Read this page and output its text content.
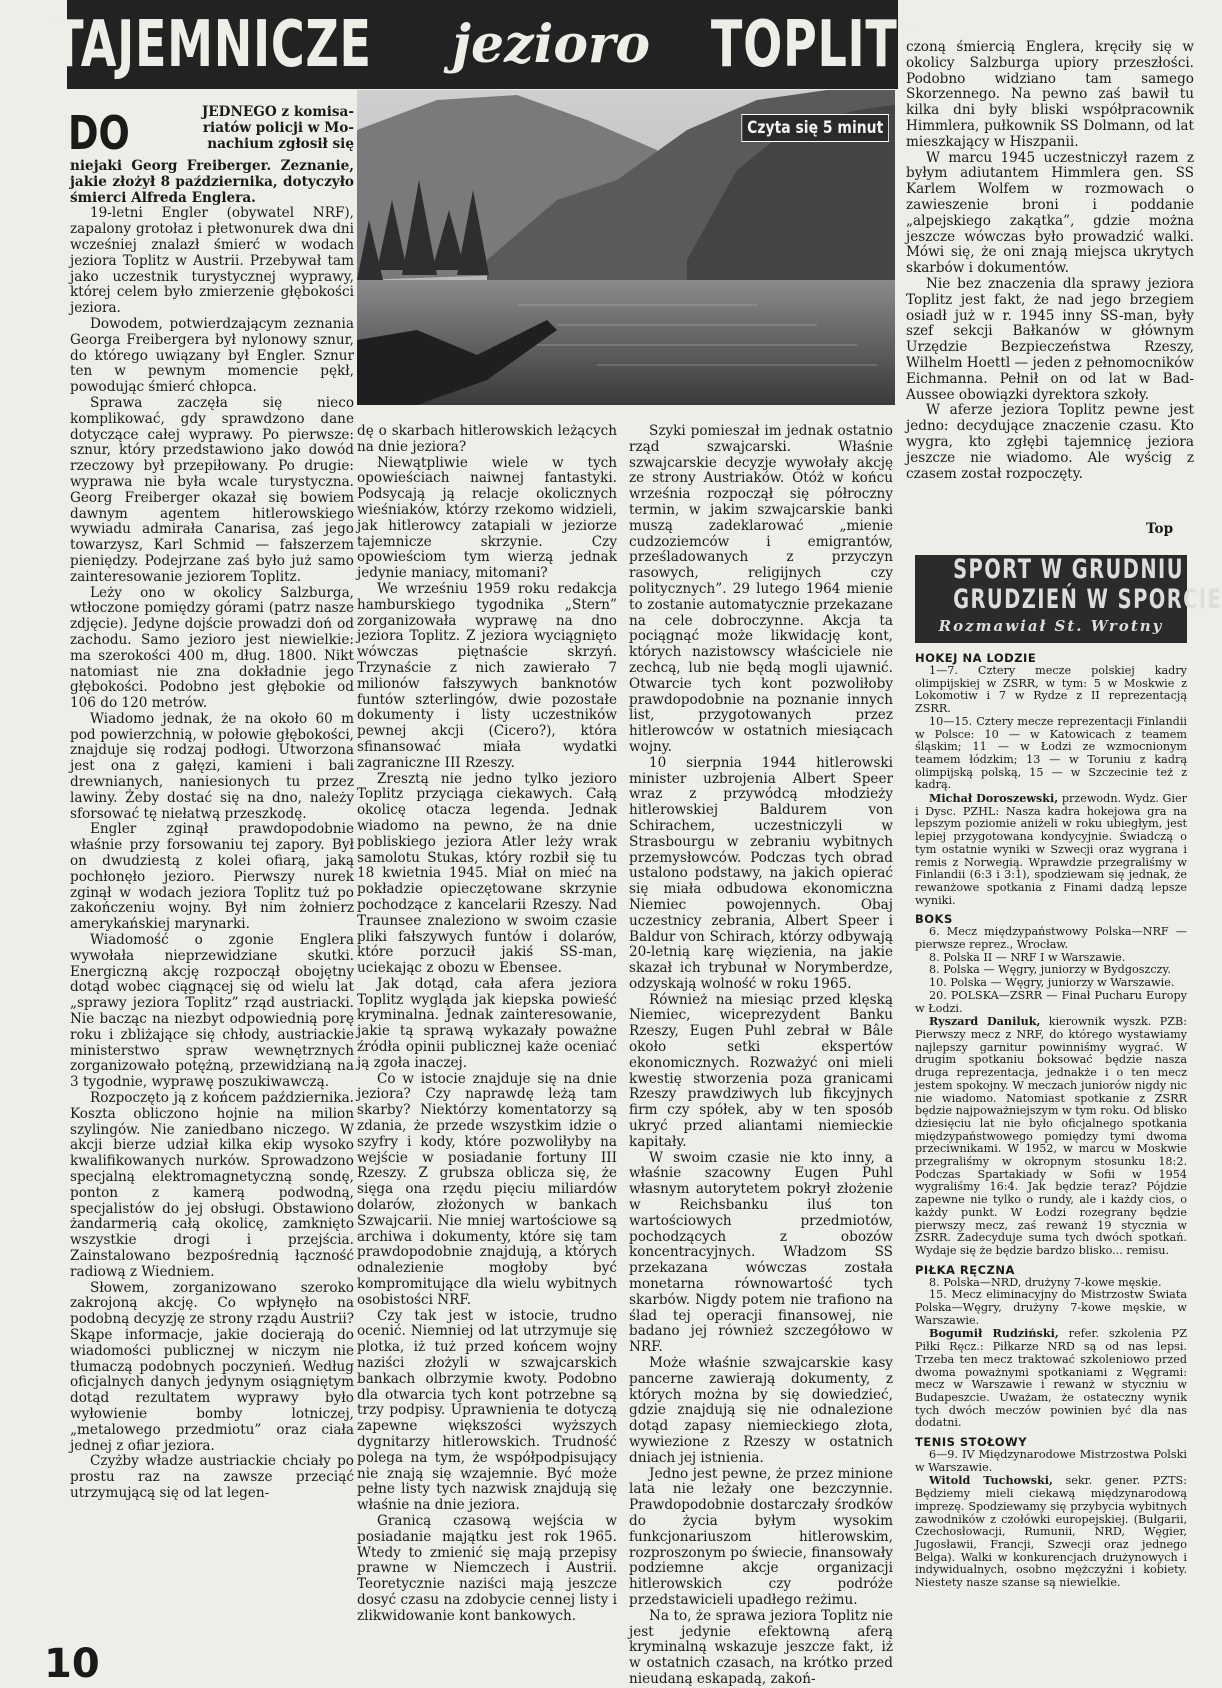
TAJEMNICZE jezioro TOPLITZ
Czyta się 5 minut
DO	JEDNEGO z komisa-

riatów policji w Mo-

nachium zgłosił się

niejaki Georg Freiberger. Zeznanie, jakie złożył 8 października, dotyczyło śmierci Alfreda Englera.

19-letni Engler (obywatel NRF), zapalony grotołaz i płetwonurek dwa dni wcześniej znalazł śmierć w wodach jeziora Toplitz w Austrii. Przebywał tam jako uczestnik turystycznej wyprawy, której celem było zmierzenie głębokości jeziora.

Dowodem, potwierdzającym zeznania Georga Freibergera był nylonowy sznur, do którego uwiązany był Engler. Sznur ten w pewnym momencie pękł, powodując śmierć chłopca.

Sprawa zaczęła się nieco komplikować, gdy sprawdzono dane dotyczące całej wyprawy. Po pierwsze: sznur, który przedstawiono jako dowód rzeczowy był przepiłowany. Po drugie: wyprawa nie była wcale turystyczna. Georg Freiberger okazał się bowiem dawnym agentem hitlerowskiego wywiadu admirała Canarisa, zaś jego towarzysz, Karl Schmid — fałszerzem pieniędzy. Podejrzane zaś było już samo zainteresowanie jeziorem Toplitz.

Leży ono w okolicy Salzburga, wtłoczone pomiędzy górami (patrz nasze zdjęcie). Jedyne dojście prowadzi doń od zachodu. Samo jezioro jest niewielkie: ma szerokości 400 m, dług. 1800. Nikt natomiast nie zna dokładnie jego głębokości. Podobno jest głębokie od 106 do 120 metrów.

Wiadomo jednak, że na około 60 m pod powierzchnią, w połowie głębokości, znajduje się rodzaj podłogi. Utworzona jest ona z gałęzi, kamieni i bali drewnianych, naniesionych tu przez lawiny. Żeby dostać się na dno, należy sforsować tę niełatwą przeszkodę.

Engler zginął prawdopodobnie właśnie przy forsowaniu tej zapory. Był on dwudziestą z kolei ofiarą, jaką pochłonęło jezioro. Pierwszy nurek zginął w wodach jeziora Toplitz tuż po zakończeniu wojny. Był nim żołnierz amerykańskiej marynarki.

Wiadomość o zgonie Englera wywołała nieprzewidziane skutki. Energiczną akcję rozpoczął obojętny dotąd wobec ciągnącej się od wielu lat „sprawy jeziora Toplitz” rząd austriacki. Nie bacząc na niezbyt odpowiednią porę roku i zbliżające się chłody, austriackie ministerstwo spraw wewnętrznych zorganizowało potężną, przewidzianą na 3 tygodnie, wyprawę poszukiwawczą.

Rozpoczęto ją z końcem października. Koszta obliczono hojnie na milion szylingów. Nie zaniedbano niczego. W akcji bierze udział kilka ekip wysoko kwalifikowanych nurków. Sprowadzono specjalną elektromagnetyczną sondę, ponton z kamerą podwodną, specjalistów do jej obsługi. Obstawiono żandarmerią całą okolicę, zamknięto wszystkie drogi i przejścia. Zainstalowano bezpośrednią łączność radiową z Wiedniem.

Słowem, zorganizowano szeroko zakrojoną akcję. Co wpłynęło na podobną decyzję ze strony rządu Austrii? Skąpe informacje, jakie docierają do wiadomości publicznej w niczym nie tłumaczą podobnych poczynień. Według oficjalnych danych jedynym osiągniętym dotąd rezultatem wyprawy było wyłowienie bomby lotniczej, „metalowego przedmiotu” oraz ciała jednej z ofiar jeziora.

Czyżby władze austriackie chciały po prostu raz na zawsze przeciąć utrzymującą się od lat legen-

dę o skarbach hitlerowskich leżących na dnie jeziora?

Niewątpliwie wiele w tych opowieściach naiwnej fantastyki. Podsycają ją relacje okolicznych wieśniaków, którzy rzekomo widzieli, jak hitlerowcy zatapiali w jeziorze tajemnicze skrzynie. Czy opowieściom tym wierzą jednak jedynie maniacy, mitomani?

We wrześniu 1959 roku redakcja hamburskiego tygodnika „Stern” zorganizowała wyprawę na dno jeziora Toplitz. Z jeziora wyciągnięto wówczas piętnaście skrzyń. Trzynaście z nich zawierało 7 milionów fałszywych banknotów funtów szterlingów, dwie pozostałe dokumenty i listy uczestników pewnej akcji (Cicero?), która sfinansować miała wydatki zagraniczne III Rzeszy.

Zresztą nie jedno tylko jezioro Toplitz przyciąga ciekawych. Całą okolicę otacza legenda. Jednak wiadomo na pewno, że na dnie pobliskiego jeziora Atler leży wrak samolotu Stukas, który rozbił się tu 18 kwietnia 1945. Miał on mieć na pokładzie opieczętowane skrzynie pochodzące z kancelarii Rzeszy. Nad Traunsee znaleziono w swoim czasie pliki fałszywych funtów i dolarów, które porzucił jakiś SS-man, uciekając z obozu w Ebensee.

Jak dotąd, cała afera jeziora Toplitz wygląda jak kiepska powieść kryminalna. Jednak zainteresowanie, jakie tą sprawą wykazały poważne źródła opinii publicznej każe oceniać ją zgoła inaczej.

Co w istocie znajduje się na dnie jeziora? Czy naprawdę leżą tam skarby? Niektórzy komentatorzy są zdania, że przede wszystkim idzie o szyfry i kody, które pozwoliłyby na wejście w posiadanie fortuny III Rzeszy. Z grubsza oblicza się, że sięga ona rzędu pięciu miliardów dolarów, złożonych w bankach Szwajcarii. Nie mniej wartościowe są archiwa i dokumenty, które się tam prawdopodobnie znajdują, a których odnalezienie mogłoby być kompromitujące dla wielu wybitnych osobistości NRF.

Czy tak jest w istocie, trudno ocenić. Niemniej od lat utrzymuje się plotka, iż tuż przed końcem wojny naziści złożyli w szwajcarskich bankach olbrzymie kwoty. Podobno dla otwarcia tych kont potrzebne są trzy podpisy. Uprawnienia te dotyczą zapewne większości wyższych dygnitarzy hitlerowskich. Trudność polega na tym, że współpodpisujący nie znają się wzajemnie. Być może pełne listy tych nazwisk znajdują się właśnie na dnie jeziora.

Granicą czasową wejścia w posiadanie majątku jest rok 1965. Wtedy to zmienić się mają przepisy prawne w Niemczech i Austrii. Teoretycznie naziści mają jeszcze dosyć czasu na zdobycie cennej listy i zlikwidowanie kont bankowych.

Szyki pomieszał im jednak ostatnio rząd szwajcarski. Właśnie szwajcarskie decyzje wywołały akcję ze strony Austriaków. Otóż w końcu września rozpoczął się półroczny termin, w jakim szwajcarskie banki muszą zadeklarować „mienie cudzoziemców i emigrantów, prześladowanych z przyczyn rasowych, religijnych czy politycznych”. 29 lutego 1964 mienie to zostanie automatycznie przekazane na cele dobroczynne. Akcja ta pociągnąć może likwidację kont, których nazistowscy właściciele nie zechcą, lub nie będą mogli ujawnić. Otwarcie tych kont pozwoliłoby prawdopodobnie na poznanie innych list, przygotowanych przez hitlerowców w ostatnich miesiącach wojny.

10 sierpnia 1944 hitlerowski minister uzbrojenia Albert Speer wraz z przywódcą młodzieży hitlerowskiej Baldurem von Schirachem, uczestniczyli w Strasbourgu w zebraniu wybitnych przemysłowców. Podczas tych obrad ustalono podstawy, na jakich opierać się miała odbudowa ekonomiczna Niemiec powojennych. Obaj uczestnicy zebrania, Albert Speer i Baldur von Schirach, którzy odbywają 20-letnią karę więzienia, na jakie skazał ich trybunał w Norymberdze, odzyskają wolność w roku 1965.

Również na miesiąc przed klęską Niemiec, wiceprezydent Banku Rzeszy, Eugen Puhl zebrał w Bâle około setki ekspertów ekonomicznych. Rozważyć oni mieli kwestię stworzenia poza granicami Rzeszy prawdziwych lub fikcyjnych firm czy spółek, aby w ten sposób ukryć przed aliantami niemieckie kapitały.

W swoim czasie nie kto inny, a właśnie szacowny Eugen Puhl własnym autorytetem pokrył złożenie w Reichsbanku iluś ton wartościowych przedmiotów, pochodzących z obozów koncentracyjnych. Władzom SS przekazana wówczas została monetarna równowartość tych skarbów. Nigdy potem nie trafiono na ślad tej operacji finansowej, nie badano jej również szczegółowo w NRF.

Może właśnie szwajcarskie kasy pancerne zawierają dokumenty, z których można by się dowiedzieć, gdzie znajdują się nie odnalezione dotąd zapasy niemieckiego złota, wywiezione z Rzeszy w ostatnich dniach jej istnienia.

Jedno jest pewne, że przez minione lata nie leżały one bezczynnie. Prawdopodobnie dostarczały środków do życia byłym wysokim funkcjonariuszom hitlerowskim, rozproszonym po świecie, finansowały podziemne akcje organizacji hitlerowskich czy podróże przedstawicieli upadłego reżimu.

Na to, że sprawa jeziora Toplitz nie jest jedynie efektowną aferą kryminalną wskazuje jeszcze fakt, iż w ostatnich czasach, na krótko przed nieudaną eskapadą, zakoń-

czoną śmiercią Englera, kręciły się w okolicy Salzburga upiory przeszłości. Podobno widziano tam samego Skorzennego. Na pewno zaś bawił tu kilka dni były bliski współpracownik Himmlera, pułkownik SS Dolmann, od lat mieszkający w Hiszpanii.

W marcu 1945 uczestniczył razem z byłym adiutantem Himmlera gen. SS Karlem Wolfem w rozmowach o zawieszenie broni i poddanie „alpejskiego zakątka”, gdzie można jeszcze wówczas było prowadzić walki. Mówi się, że oni znają miejsca ukrytych skarbów i dokumentów.

Nie bez znaczenia dla sprawy jeziora Toplitz jest fakt, że nad jego brzegiem osiadł już w r. 1945 inny SS-man, były szef sekcji Bałkanów w głównym Urzędzie Bezpieczeństwa Rzeszy, Wilhelm Hoettl — jeden z pełnomocników Eichmanna. Pełnił on od lat w Bad-Aussee obowiązki dyrektora szkoły.

W aferze jeziora Toplitz pewne jest jedno: decydujące znaczenie czasu. Kto wygra, kto zgłębi tajemnicę jeziora jeszcze nie wiadomo. Ale wyścig z czasem został rozpoczęty.

Top
SPORT W GRUDNIU
GRUDZIEŃ W SPORCIE
Rozmawiał St. Wrotny
HOKEJ NA LODZIE

1—7. Cztery mecze polskiej kadry olimpijskiej w ZSRR, w tym: 5 w Moskwie z Lokomotiw i 7 w Rydze z II reprezentacją ZSRR.

10—15. Cztery mecze reprezentacji Finlandii w Polsce: 10 — w Katowicach z teamem śląskim; 11 — w Łodzi ze wzmocnionym teamem łódzkim; 13 — w Toruniu z kadrą olimpijską polską, 15 — w Szczecinie też z kadrą.

Michał Doroszewski, przewodn. Wydz. Gier i Dysc. PZHL: Nasza kadra hokejowa gra na lepszym poziomie aniżeli w roku ubiegłym, jest lepiej przygotowana kondycyjnie. Świadczą o tym ostatnie wyniki w Szwecji oraz wygrana i remis z Norwegią. Wprawdzie przegraliśmy w Finlandii (6:3 i 3:1), spodziewam się jednak, że rewanżowe spotkania z Finami dadzą lepsze wyniki.

BOKS

6. Mecz międzypaństwowy Polska—NRF — pierwsze reprez., Wrocław.

8. Polska II — NRF I w Warszawie.

8. Polska — Węgry, juniorzy w Bydgoszczy.

10. Polska — Węgry, juniorzy w Warszawie.

20. POLSKA—ZSRR — Finał Pucharu Europy w Łodzi.

Ryszard Daniluk, kierownik wyszk. PZB: Pierwszy mecz z NRF, do którego wystawiamy najlepszy garnitur powinniśmy wygrać. W drugim spotkaniu boksować będzie nasza druga reprezentacja, jednakże i o ten mecz jestem spokojny. W meczach juniorów nigdy nic nie wiadomo. Natomiast spotkanie z ZSRR będzie najpoważniejszym w tym roku. Od blisko dziesięciu lat nie było oficjalnego spotkania międzypaństwowego pomiędzy tymi dwoma przeciwnikami. W 1952, w marcu w Moskwie przegraliśmy w okropnym stosunku 18:2. Podczas Spartakiady w Sofii w 1954 wygraliśmy 16:4. Jak będzie teraz? Pójdzie zapewne nie tylko o rundy, ale i każdy cios, o każdy punkt. W Łodzi rozegrany będzie pierwszy mecz, zaś rewanż 19 stycznia w ZSRR. Zadecyduje suma tych dwóch spotkań. Wydaje się że będzie bardzo blisko... remisu.

PIŁKA RĘCZNA

8. Polska—NRD, drużyny 7-kowe męskie.

15. Mecz eliminacyjny do Mistrzostw Świata Polska—Węgry, drużyny 7-kowe męskie, w Warszawie.

Bogumił Rudziński, refer. szkolenia PZ Piłki Ręcz.: Piłkarze NRD są od nas lepsi. Trzeba ten mecz traktować szkoleniowo przed dwoma poważnymi spotkaniami z Węgrami: mecz w Warszawie i rewanż w styczniu w Budapeszcie. Uważam, że ostateczny wynik tych dwóch meczów powinien być dla nas dodatni.

TENIS STOŁOWY

6—9. IV Międzynarodowe Mistrzostwa Polski w Warszawie.

Witold Tuchowski, sekr. gener. PZTS: Będziemy mieli ciekawą międzynarodową imprezę. Spodziewamy się przybycia wybitnych zawodników z czołówki europejskiej. (Bułgarii, Czechosłowacji, Rumunii, NRD, Węgier, Jugosławii, Francji, Szwecji oraz jednego Belga). Walki w konkurencjach drużynowych i indywidualnych, osobno mężczyźni i kobiety. Niestety nasze szanse są niewielkie.

10
